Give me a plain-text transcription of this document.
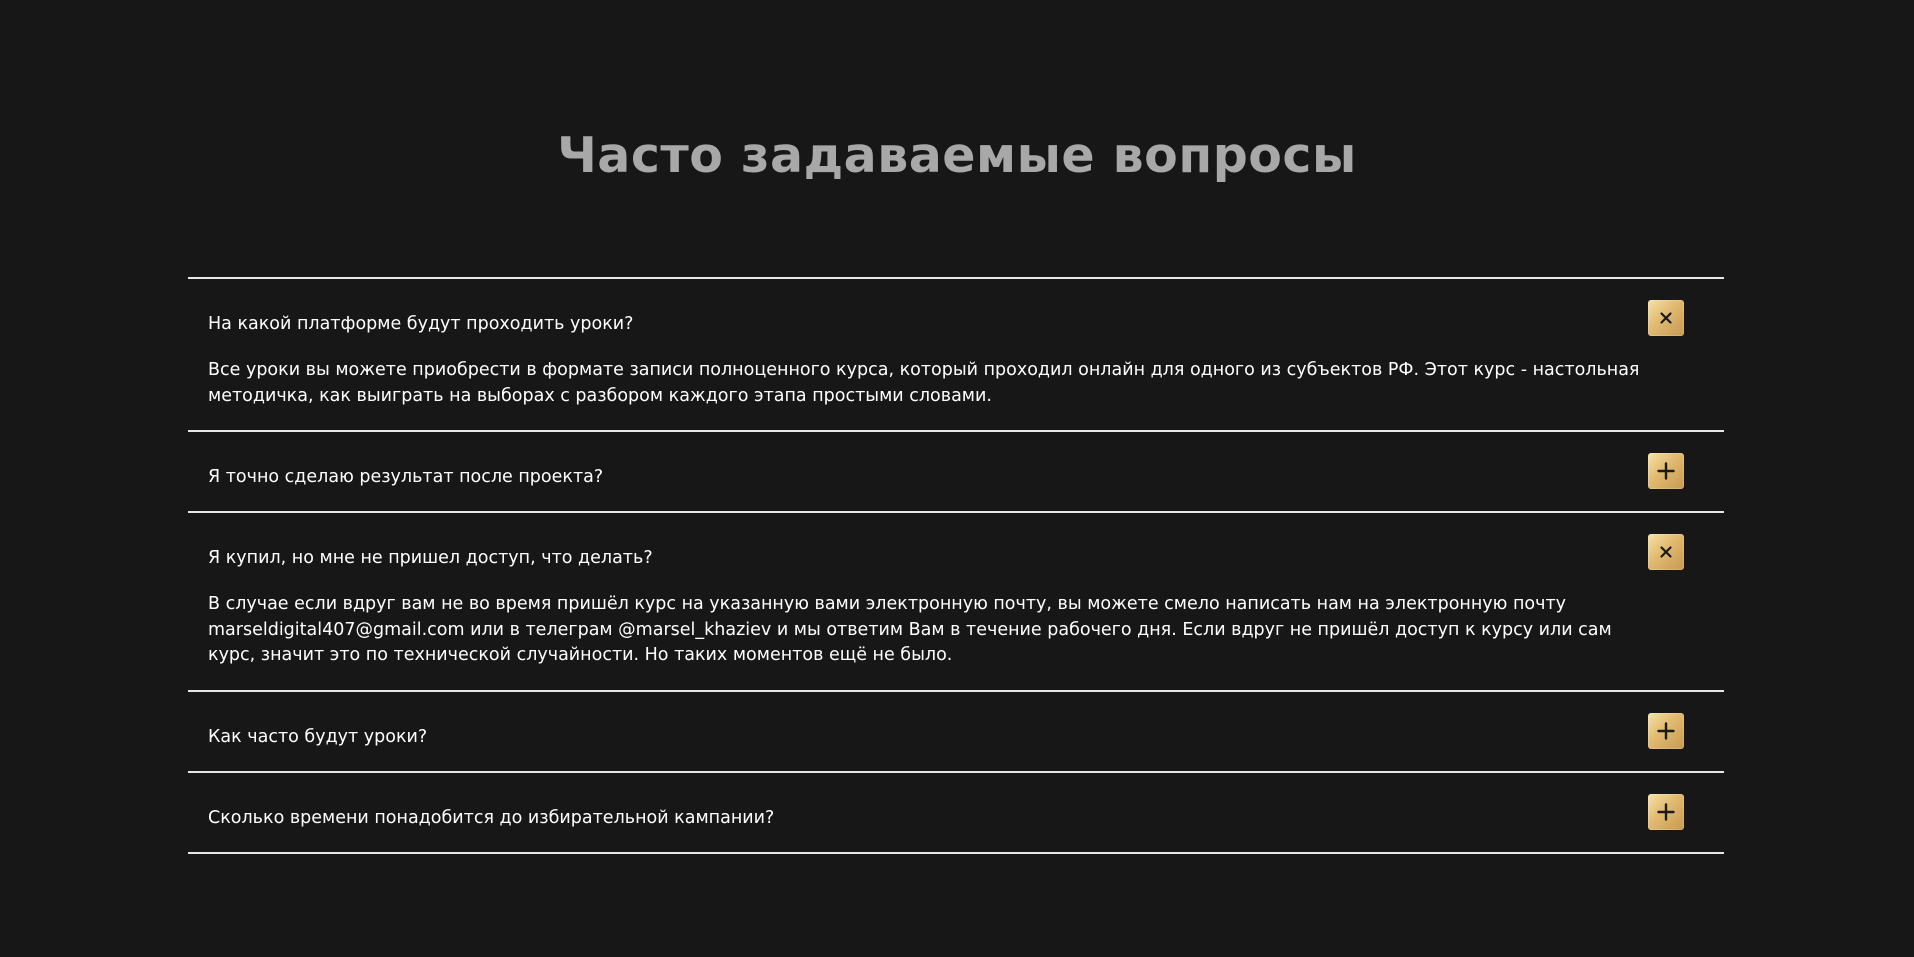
Часто задаваемые вопросы

На какой платформе будут проходить уроки?

Все уроки вы можете приобрести в формате записи полноценного курса, который проходил онлайн для одного из субъектов РФ. Этот курс - настольная методичка, как выиграть на выборах с разбором каждого этапа простыми словами.

Я точно сделаю результат после проекта?

Я купил, но мне не пришел доступ, что делать?

В случае если вдруг вам не во время пришёл курс на указанную вами электронную почту, вы можете смело написать нам на электронную почту marseldigital407@gmail.com или в телеграм @marsel_khaziev и мы ответим Вам в течение рабочего дня. Если вдруг не пришёл доступ к курсу или сам курс, значит это по технической случайности. Но таких моментов ещё не было.

Как часто будут уроки?

Сколько времени понадобится до избирательной кампании?
